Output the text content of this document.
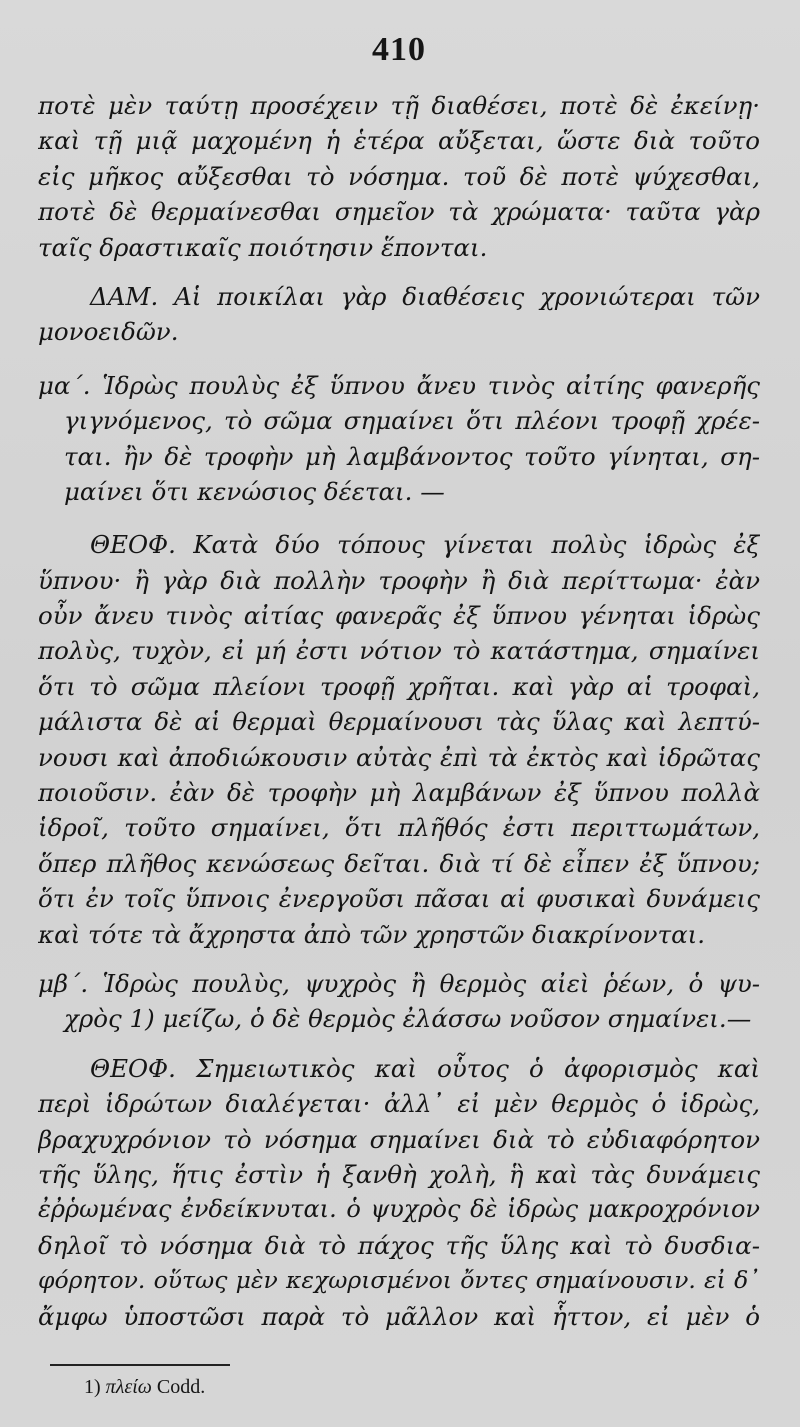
410
ποτὲ μὲν ταύτῃ προσέχειν τῇ διαθέσει, ποτὲ δὲ ἐκείνῃ·
καὶ τῇ μιᾷ μαχομένη ἡ ἑτέρα αὔξεται, ὥστε διὰ τοῦτο
εἰς μῆκος αὔξεσθαι τὸ νόσημα. τοῦ δὲ ποτὲ ψύχεσθαι,
ποτὲ δὲ θερμαίνεσθαι σημεῖον τὰ χρώματα· ταῦτα γὰρ
ταῖς δραστικαῖς ποιότησιν ἕπονται.
ΔΑΜ. Αἱ ποικίλαι γὰρ διαθέσεις χρονιώτεραι τῶν
μονοειδῶν.
μα΄. Ἱδρὼς πουλὺς ἐξ ὕπνου ἄνευ τινὸς αἰτίης φανερῆς
γιγνόμενος, τὸ σῶμα σημαίνει ὅτι πλέονι τροφῇ χρέε-
ται. ἢν δὲ τροφὴν μὴ λαμβάνοντος τοῦτο γίνηται, ση-
μαίνει ὅτι κενώσιος δέεται. —
ΘΕΟΦ. Κατὰ δύο τόπους γίνεται πολὺς ἱδρὼς ἐξ
ὕπνου· ἢ γὰρ διὰ πολλὴν τροφὴν ἢ διὰ περίττωμα· ἐὰν
οὖν ἄνευ τινὸς αἰτίας φανερᾶς ἐξ ὕπνου γένηται ἱδρὼς
πολὺς, τυχὸν, εἰ μή ἐστι νότιον τὸ κατάστημα, σημαίνει
ὅτι τὸ σῶμα πλείονι τροφῇ χρῆται. καὶ γὰρ αἱ τροφαὶ,
μάλιστα δὲ αἱ θερμαὶ θερμαίνουσι τὰς ὕλας καὶ λεπτύ-
νουσι καὶ ἀποδιώκουσιν αὐτὰς ἐπὶ τὰ ἐκτὸς καὶ ἱδρῶτας
ποιοῦσιν. ἐὰν δὲ τροφὴν μὴ λαμβάνων ἐξ ὕπνου πολλὰ
ἱδροῖ, τοῦτο σημαίνει, ὅτι πλῆθός ἐστι περιττωμάτων,
ὅπερ πλῆθος κενώσεως δεῖται. διὰ τί δὲ εἶπεν ἐξ ὕπνου;
ὅτι ἐν τοῖς ὕπνοις ἐνεργοῦσι πᾶσαι αἱ φυσικαὶ δυνάμεις
καὶ τότε τὰ ἄχρηστα ἀπὸ τῶν χρηστῶν διακρίνονται.
μβ΄. Ἱδρὼς πουλὺς, ψυχρὸς ἢ θερμὸς αἰεὶ ῥέων, ὁ ψυ-
χρὸς 1) μείζω, ὁ δὲ θερμὸς ἐλάσσω νοῦσον σημαίνει.—
ΘΕΟΦ. Σημειωτικὸς καὶ οὗτος ὁ ἀφορισμὸς καὶ
περὶ ἱδρώτων διαλέγεται· ἀλλ᾽ εἰ μὲν θερμὸς ὁ ἱδρὼς,
βραχυχρόνιον τὸ νόσημα σημαίνει διὰ τὸ εὐδιαφόρητον
τῆς ὕλης, ἥτις ἐστὶν ἡ ξανθὴ χολὴ, ἣ καὶ τὰς δυνάμεις
ἐῤῥωμένας ἐνδείκνυται. ὁ ψυχρὸς δὲ ἱδρὼς μακροχρόνιον
δηλοῖ τὸ νόσημα διὰ τὸ πάχος τῆς ὕλης καὶ τὸ δυσδια-
φόρητον. οὕτως μὲν κεχωρισμένοι ὄντες σημαίνουσιν. εἰ δ᾽
ἄμφω ὑποστῶσι παρὰ τὸ μᾶλλον καὶ ἧττον, εἰ μὲν ὁ
1) πλείω Codd.
